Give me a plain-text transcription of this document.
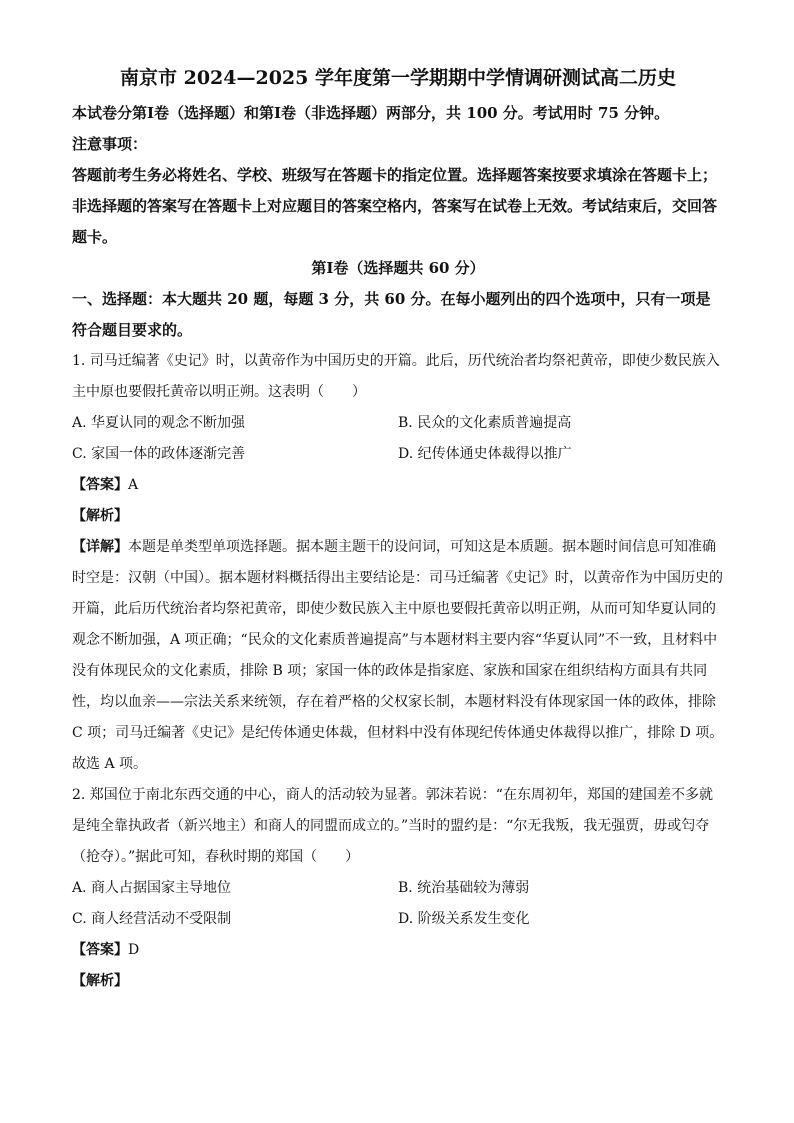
南京市 2024—2025 学年度第一学期期中学情调研测试高二历史

本试卷分第Ⅰ卷（选择题）和第Ⅰ卷（非选择题）两部分，共 100 分。考试用时 75 分钟。

注意事项：

答题前考生务必将姓名、学校、班级写在答题卡的指定位置。选择题答案按要求填涂在答题卡上；非选择题的答案写在答题卡上对应题目的答案空格内，答案写在试卷上无效。考试结束后，交回答题卡。

第Ⅰ卷（选择题共 60 分）

一、选择题：本大题共 20 题，每题 3 分，共 60 分。在每小题列出的四个选项中，只有一项是符合题目要求的。

1. 司马迁编著《史记》时，以黄帝作为中国历史的开篇。此后，历代统治者均祭祀黄帝，即使少数民族入主中原也要假托黄帝以明正朔。这表明（　　）

A. 华夏认同的观念不断加强	B. 民众的文化素质普遍提高
C. 家国一体的政体逐渐完善	D. 纪传体通史体裁得以推广
【答案】A
【解析】

【详解】本题是单类型单项选择题。据本题主题干的设问词，可知这是本质题。据本题时间信息可知准确时空是：汉朝（中国）。据本题材料概括得出主要结论是：司马迁编著《史记》时，以黄帝作为中国历史的开篇，此后历代统治者均祭祀黄帝，即使少数民族入主中原也要假托黄帝以明正朔，从而可知华夏认同的观念不断加强，A 项正确；“民众的文化素质普遍提高”与本题材料主要内容“华夏认同”不一致，且材料中没有体现民众的文化素质，排除 B 项；家国一体的政体是指家庭、家族和国家在组织结构方面具有共同性，均以血亲——宗法关系来统领，存在着严格的父权家长制，本题材料没有体现家国一体的政体，排除 C 项；司马迁编著《史记》是纪传体通史体裁，但材料中没有体现纪传体通史体裁得以推广，排除 D 项。

故选 A 项。

2. 郑国位于南北东西交通的中心，商人的活动较为显著。郭沫若说：“在东周初年，郑国的建国差不多就是纯全靠执政者（新兴地主）和商人的同盟而成立的。”当时的盟约是：“尔无我叛，我无强贾，毋或匄夺（抢夺）。”据此可知，春秋时期的郑国（　　）

A. 商人占据国家主导地位	B. 统治基础较为薄弱
C. 商人经营活动不受限制	D. 阶级关系发生变化
【答案】D
【解析】
